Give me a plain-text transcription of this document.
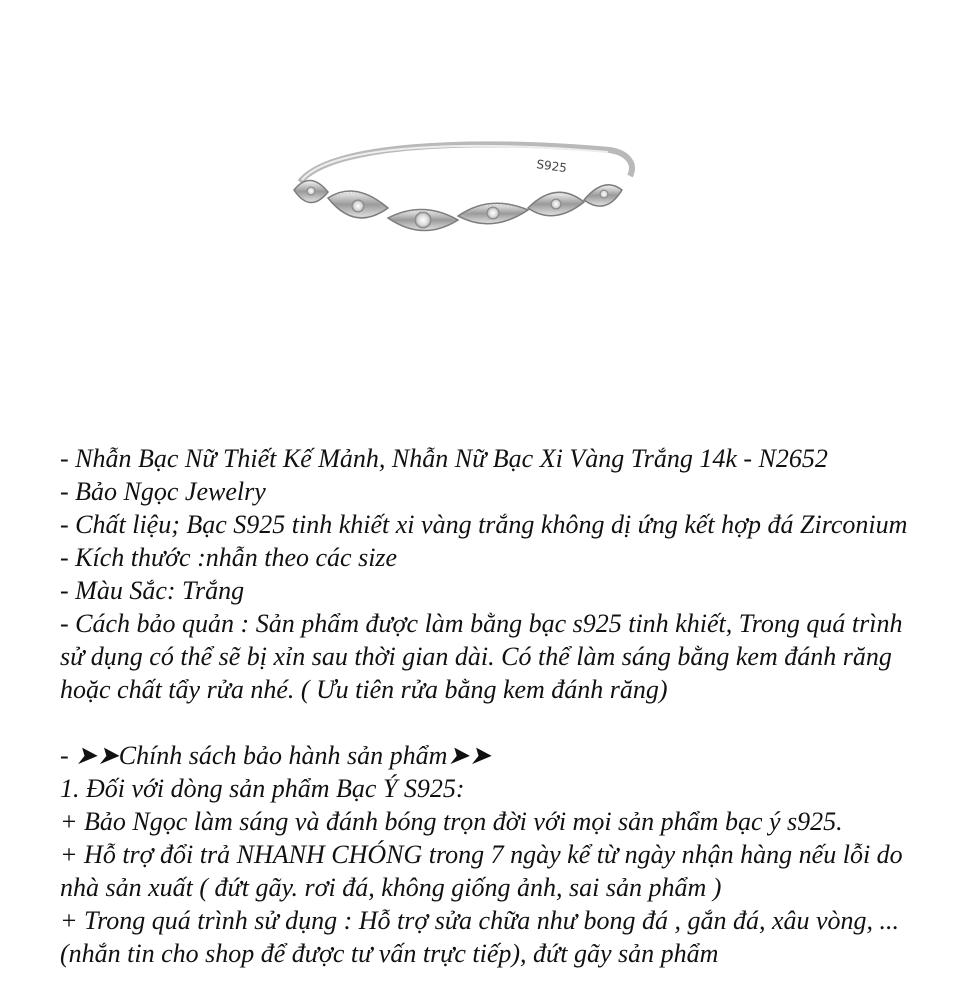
S925

- Nhẫn Bạc Nữ Thiết Kế Mảnh, Nhẫn Nữ Bạc Xi Vàng Trắng 14k - N2652

- Bảo Ngọc Jewelry

- Chất liệu; Bạc S925 tinh khiết xi vàng trắng không dị ứng kết hợp đá Zirconium

- Kích thước :nhẫn theo các size

- Màu Sắc: Trắng

- Cách bảo quản : Sản phẩm được làm bằng bạc s925 tinh khiết, Trong quá trình sử dụng có thể sẽ bị xỉn sau thời gian dài. Có thể làm sáng bằng kem đánh răng hoặc chất tẩy rửa nhé. ( Ưu tiên rửa bằng kem đánh răng)

- ➤➤Chính sách bảo hành sản phẩm➤➤

1. Đối với dòng sản phẩm Bạc Ý S925:

+ Bảo Ngọc làm sáng và đánh bóng trọn đời với mọi sản phẩm bạc ý s925.

+ Hỗ trợ đổi trả NHANH CHÓNG trong 7 ngày kể từ ngày nhận hàng nếu lỗi do nhà sản xuất ( đứt gãy. rơi đá, không giống ảnh, sai sản phẩm )

+ Trong quá trình sử dụng : Hỗ trợ sửa chữa như bong đá , gắn đá, xâu vòng, ... (nhắn tin cho shop để được tư vấn trực tiếp), đứt gãy sản phẩm
